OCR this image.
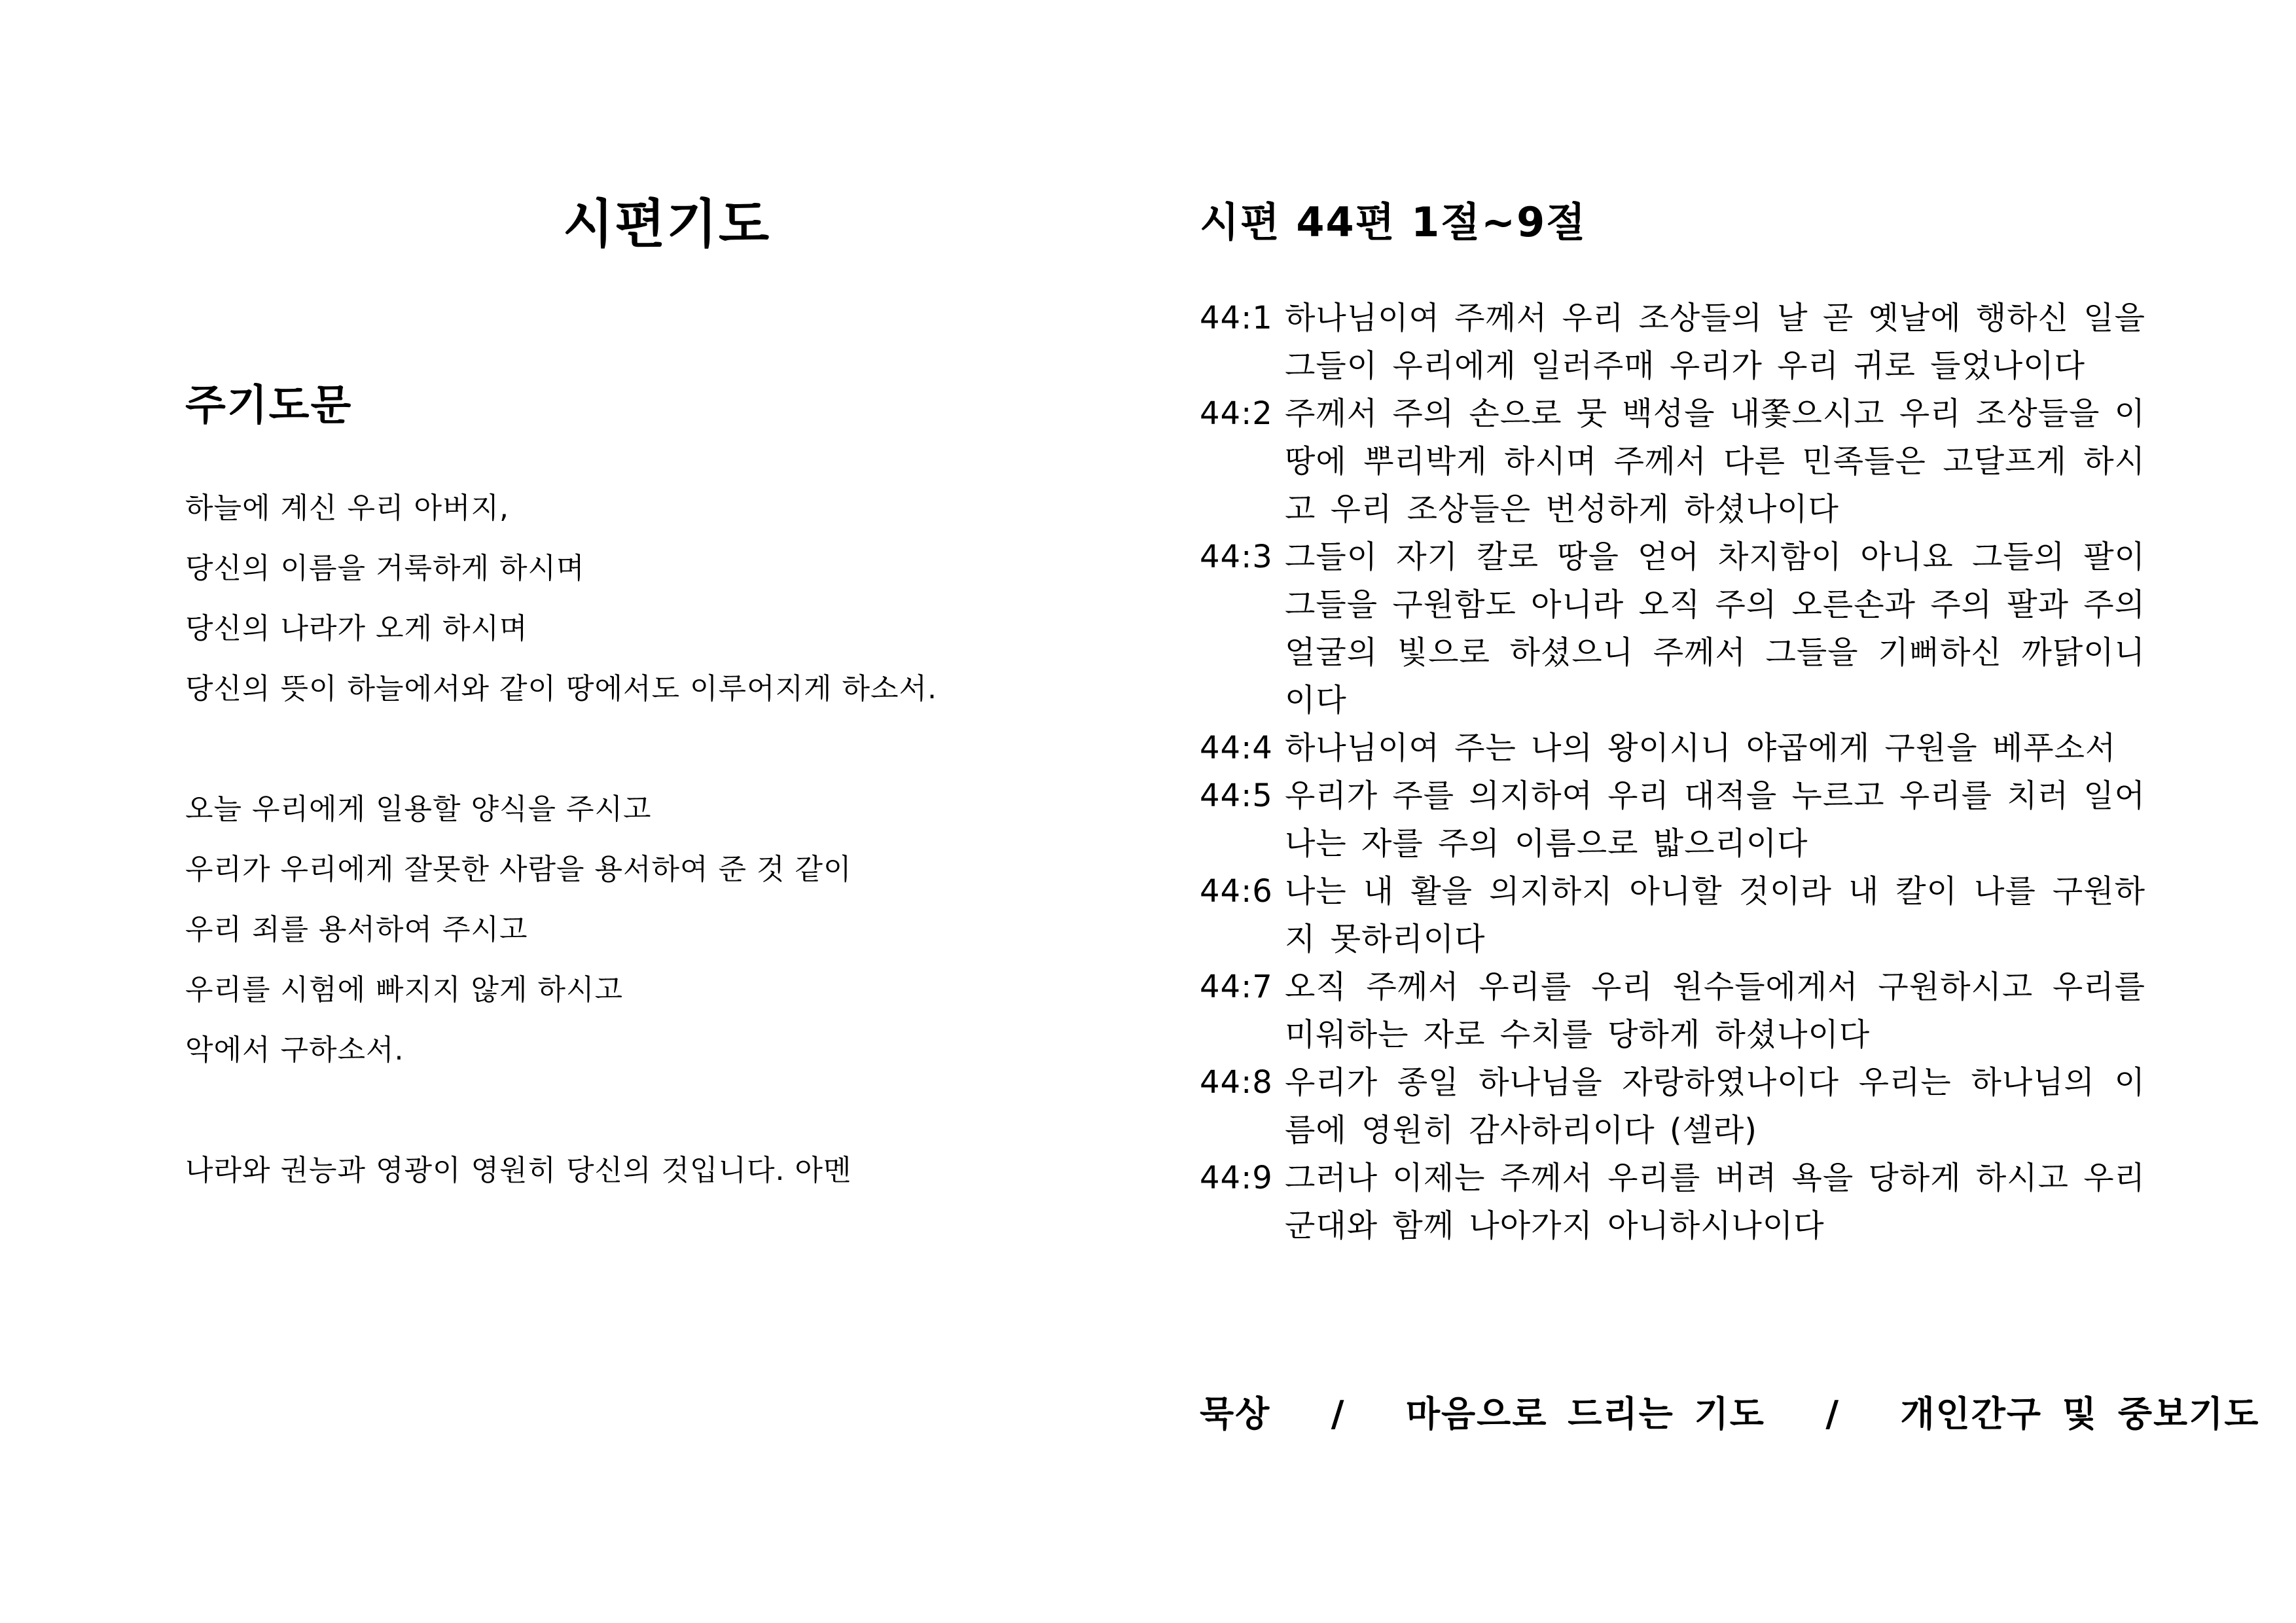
시편기도
주기도문
하늘에 계신 우리 아버지,
당신의 이름을 거룩하게 하시며
당신의 나라가 오게 하시며
당신의 뜻이 하늘에서와 같이 땅에서도 이루어지게 하소서.
오늘 우리에게 일용할 양식을 주시고
우리가 우리에게 잘못한 사람을 용서하여 준 것 같이
우리 죄를 용서하여 주시고
우리를 시험에 빠지지 않게 하시고
악에서 구하소서.
나라와 권능과 영광이 영원히 당신의 것입니다. 아멘
시편 44편 1절~9절
44:1 하나님이여 주께서 우리 조상들의 날 곧 옛날에 행하신 일을 그들이 우리에게 일러주매 우리가 우리 귀로 들었나이다
44:2 주께서 주의 손으로 뭇 백성을 내쫓으시고 우리 조상들을 이 땅에 뿌리박게 하시며 주께서 다른 민족들은 고달프게 하시고 우리 조상들은 번성하게 하셨나이다
44:3 그들이 자기 칼로 땅을 얻어 차지함이 아니요 그들의 팔이 그들을 구원함도 아니라 오직 주의 오른손과 주의 팔과 주의 얼굴의 빛으로 하셨으니 주께서 그들을 기뻐하신 까닭이니이다
44:4 하나님이여 주는 나의 왕이시니 야곱에게 구원을 베푸소서
44:5 우리가 주를 의지하여 우리 대적을 누르고 우리를 치러 일어나는 자를 주의 이름으로 밟으리이다
44:6 나는 내 활을 의지하지 아니할 것이라 내 칼이 나를 구원하지 못하리이다
44:7 오직 주께서 우리를 우리 원수들에게서 구원하시고 우리를 미워하는 자로 수치를 당하게 하셨나이다
44:8 우리가 종일 하나님을 자랑하였나이다 우리는 하나님의 이름에 영원히 감사하리이다 (셀라)
44:9 그러나 이제는 주께서 우리를 버려 욕을 당하게 하시고 우리 군대와 함께 나아가지 아니하시나이다
묵상   /   마음으로 드리는 기도   /   개인간구 및 중보기도
